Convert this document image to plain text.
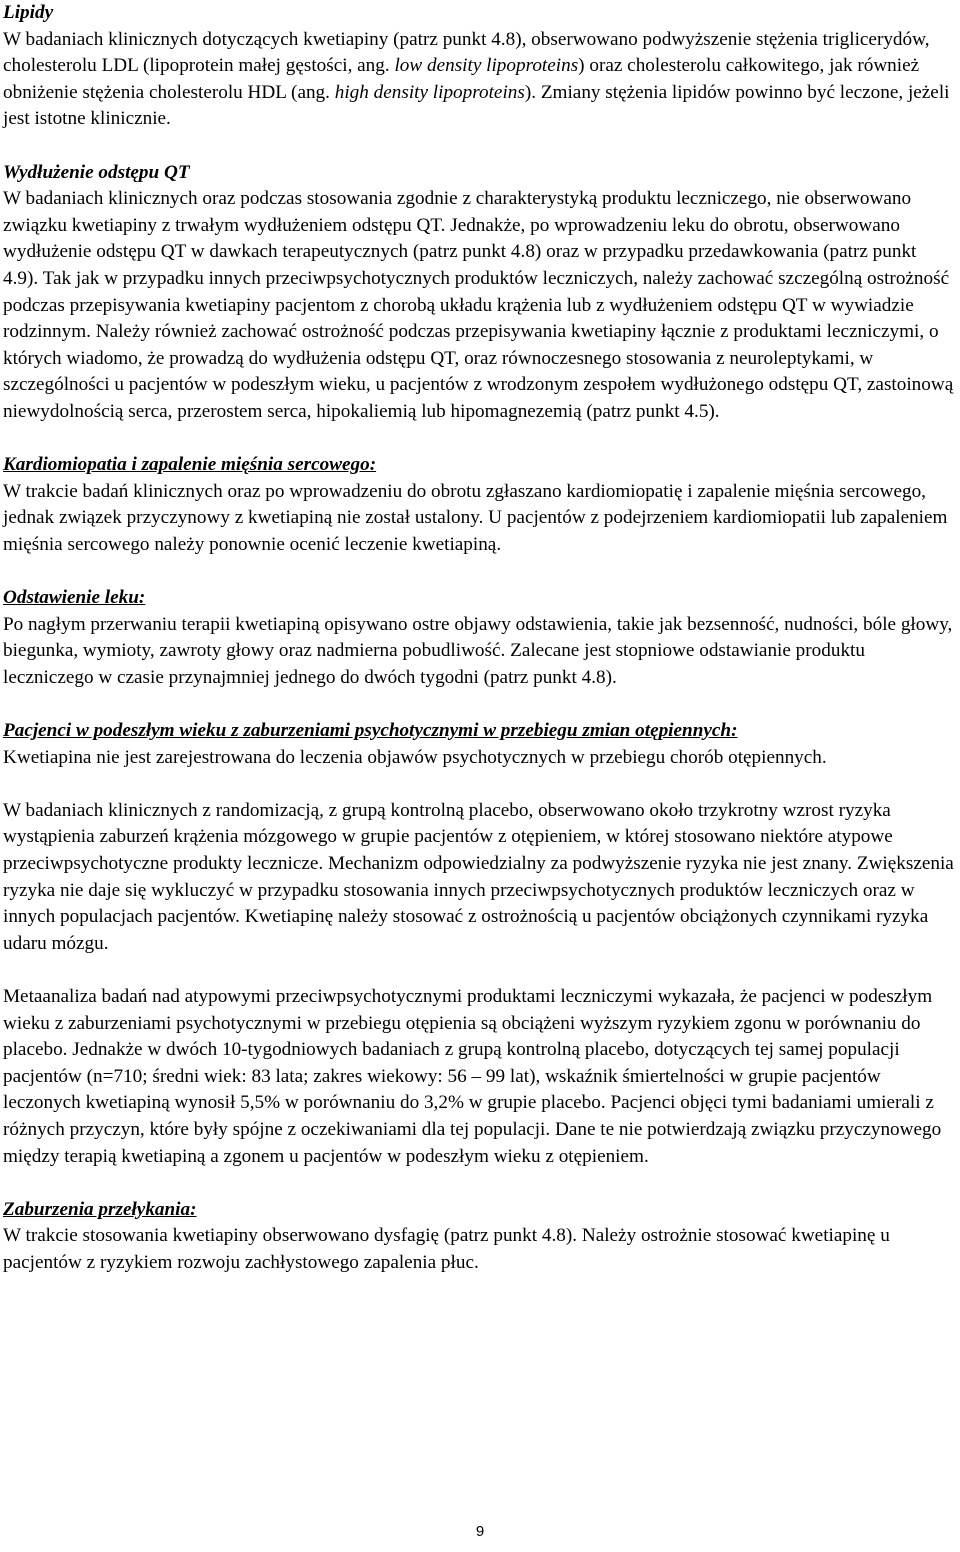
Lipidy

W badaniach klinicznych dotyczących kwetiapiny (patrz punkt 4.8), obserwowano podwyższenie stężenia triglicerydów, cholesterolu LDL (lipoprotein małej gęstości, ang. low density lipoproteins) oraz cholesterolu całkowitego, jak również obniżenie stężenia cholesterolu HDL (ang. high density lipoproteins). Zmiany stężenia lipidów powinno być leczone, jeżeli jest istotne klinicznie.

Wydłużenie odstępu QT

W badaniach klinicznych oraz podczas stosowania zgodnie z charakterystyką produktu leczniczego, nie obserwowano związku kwetiapiny z trwałym wydłużeniem odstępu QT. Jednakże, po wprowadzeniu leku do obrotu, obserwowano wydłużenie odstępu QT w dawkach terapeutycznych (patrz punkt 4.8) oraz w przypadku przedawkowania (patrz punkt 4.9). Tak jak w przypadku innych przeciwpsychotycznych produktów leczniczych, należy zachować szczególną ostrożność podczas przepisywania kwetiapiny pacjentom z chorobą układu krążenia lub z wydłużeniem odstępu QT w wywiadzie rodzinnym. Należy również zachować ostrożność podczas przepisywania kwetiapiny łącznie z produktami leczniczymi, o których wiadomo, że prowadzą do wydłużenia odstępu QT, oraz równoczesnego stosowania z neuroleptykami, w szczególności u pacjentów w podeszłym wieku, u pacjentów z wrodzonym zespołem wydłużonego odstępu QT, zastoinową niewydolnością serca, przerostem serca, hipokaliemią lub hipomagnezemią (patrz punkt 4.5).

Kardiomiopatia i zapalenie mięśnia sercowego:

W trakcie badań klinicznych oraz po wprowadzeniu do obrotu zgłaszano kardiomiopatię i zapalenie mięśnia sercowego, jednak związek przyczynowy z kwetiapiną nie został ustalony. U pacjentów z podejrzeniem kardiomiopatii lub zapaleniem mięśnia sercowego należy ponownie ocenić leczenie kwetiapiną.

Odstawienie leku:

Po nagłym przerwaniu terapii kwetiapiną opisywano ostre objawy odstawienia, takie jak bezsenność, nudności, bóle głowy, biegunka, wymioty, zawroty głowy oraz nadmierna pobudliwość. Zalecane jest stopniowe odstawianie produktu leczniczego w czasie przynajmniej jednego do dwóch tygodni (patrz punkt 4.8).

Pacjenci w podeszłym wieku z zaburzeniami psychotycznymi w przebiegu zmian otępiennych:

Kwetiapina nie jest zarejestrowana do leczenia objawów psychotycznych w przebiegu chorób otępiennych.

W badaniach klinicznych z randomizacją, z grupą kontrolną placebo, obserwowano około trzykrotny wzrost ryzyka wystąpienia zaburzeń krążenia mózgowego w grupie pacjentów z otępieniem, w której stosowano niektóre atypowe przeciwpsychotyczne produkty lecznicze. Mechanizm odpowiedzialny za podwyższenie ryzyka nie jest znany. Zwiększenia ryzyka nie daje się wykluczyć w przypadku stosowania innych przeciwpsychotycznych produktów leczniczych oraz w innych populacjach pacjentów. Kwetiapinę należy stosować z ostrożnością u pacjentów obciążonych czynnikami ryzyka udaru mózgu.

Metaanaliza badań nad atypowymi przeciwpsychotycznymi produktami leczniczymi wykazała, że pacjenci w podeszłym wieku z zaburzeniami psychotycznymi w przebiegu otępienia są obciążeni wyższym ryzykiem zgonu w porównaniu do placebo. Jednakże w dwóch 10-tygodniowych badaniach z grupą kontrolną placebo, dotyczących tej samej populacji pacjentów (n=710; średni wiek: 83 lata; zakres wiekowy: 56 – 99 lat), wskaźnik śmiertelności w grupie pacjentów leczonych kwetiapiną wynosił 5,5% w porównaniu do 3,2% w grupie placebo. Pacjenci objęci tymi badaniami umierali z różnych przyczyn, które były spójne z oczekiwaniami dla tej populacji. Dane te nie potwierdzają związku przyczynowego między terapią kwetiapiną a zgonem u pacjentów w podeszłym wieku z otępieniem.

Zaburzenia przełykania:

W trakcie stosowania kwetiapiny obserwowano dysfagię (patrz punkt 4.8). Należy ostrożnie stosować kwetiapinę u pacjentów z ryzykiem rozwoju zachłystowego zapalenia płuc.

9
